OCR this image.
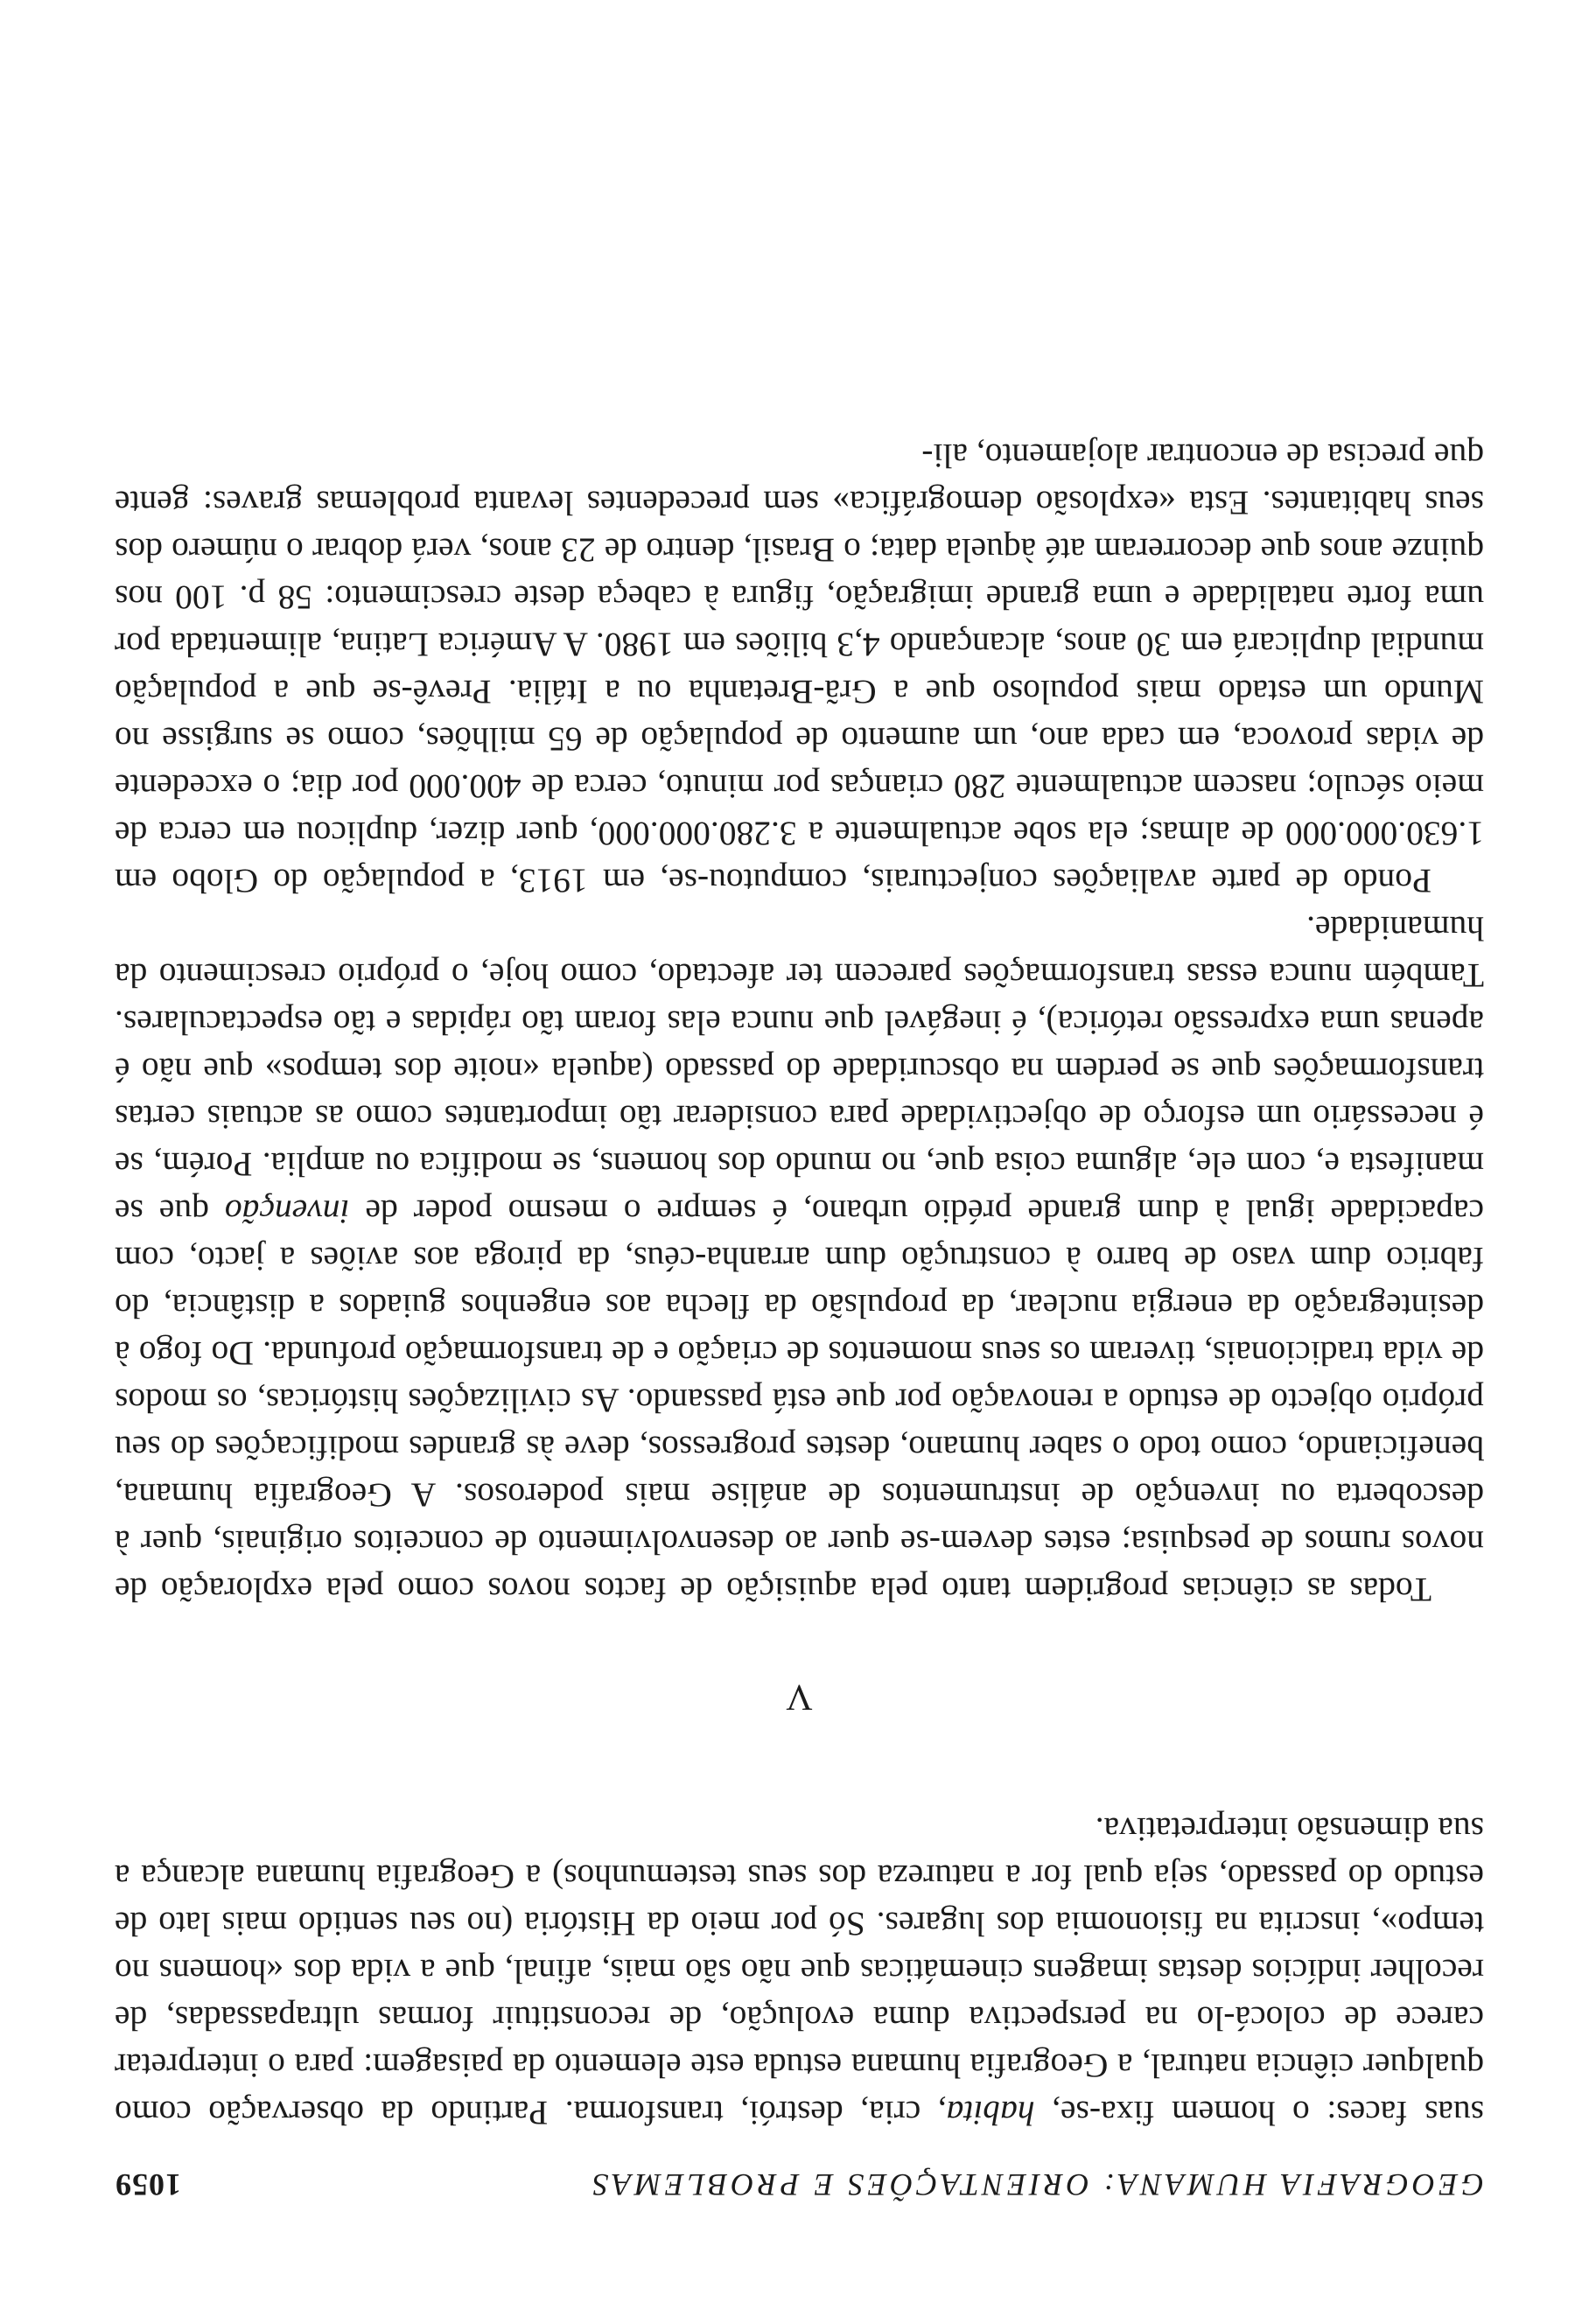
GEOGRAFIA HUMANA: ORIENTAÇÕES E PROBLEMAS
1059

suas faces: o homem fixa-se, habita, cria, destrói, transforma. Partindo da observação como qualquer ciência natural, a Geografia humana estuda este elemento da paisagem: para o interpretar carece de colocá-lo na perspectiva duma evolução, de reconstituir formas ultrapassadas, de recolher indícios destas imagens cinemáticas que não são mais, afinal, que a vida dos «homens no tempo», inscrita na fisionomia dos lugares. Só por meio da História (no seu sentido mais lato de estudo do passado, seja qual for a natureza dos seus testemunhos) a Geografia humana alcança a sua dimensão interpretativa.

V

Todas as ciências progridem tanto pela aquisição de factos novos como pela exploração de novos rumos de pesquisa; estes devem-se quer ao desenvolvimento de conceitos originais, quer à descoberta ou invenção de instrumentos de análise mais poderosos. A Geografia humana, beneficiando, como todo o saber humano, destes progressos, deve às grandes modificações do seu próprio objecto de estudo a renovação por que está passando. As civilizações históricas, os modos de vida tradicionais, tiveram os seus momentos de criação e de transformação profunda. Do fogo à desintegração da energia nuclear, da propulsão da flecha aos engenhos guiados a distância, do fabrico dum vaso de barro à construção dum arranha-céus, da piroga aos aviões a jacto, com capacidade igual à dum grande prédio urbano, é sempre o mesmo poder de invenção que se manifesta e, com ele, alguma coisa que, no mundo dos homens, se modifica ou amplia. Porém, se é necessário um esforço de objectividade para considerar tão importantes como as actuais certas transformações que se perdem na obscuridade do passado (aquela «noite dos tempos» que não é apenas uma expressão retórica), é inegável que nunca elas foram tão rápidas e tão espectaculares. Também nunca essas transformações parecem ter afectado, como hoje, o próprio crescimento da humanidade.

Pondo de parte avaliações conjecturais, computou-se, em 1913, a população do Globo em 1.630.000.000 de almas; ela sobe actualmente a 3.280.000.000, quer dizer, duplicou em cerca de meio século; nascem actualmente 280 crianças por minuto, cerca de 400.000 por dia; o excedente de vidas provoca, em cada ano, um aumento de população de 65 milhões, como se surgisse no Mundo um estado mais populoso que a Grã-Bretanha ou a Itália. Prevê-se que a população mundial duplicará em 30 anos, alcançando 4,3 biliões em 1980. A América Latina, alimentada por uma forte natalidade e uma grande imigração, figura à cabeça deste crescimento: 58 p. 100 nos quinze anos que decorreram até àquela data; o Brasil, dentro de 23 anos, verá dobrar o número dos seus habitantes. Esta «explosão demográfica» sem precedentes levanta problemas graves: gente que precisa de encontrar alojamento, ali-
